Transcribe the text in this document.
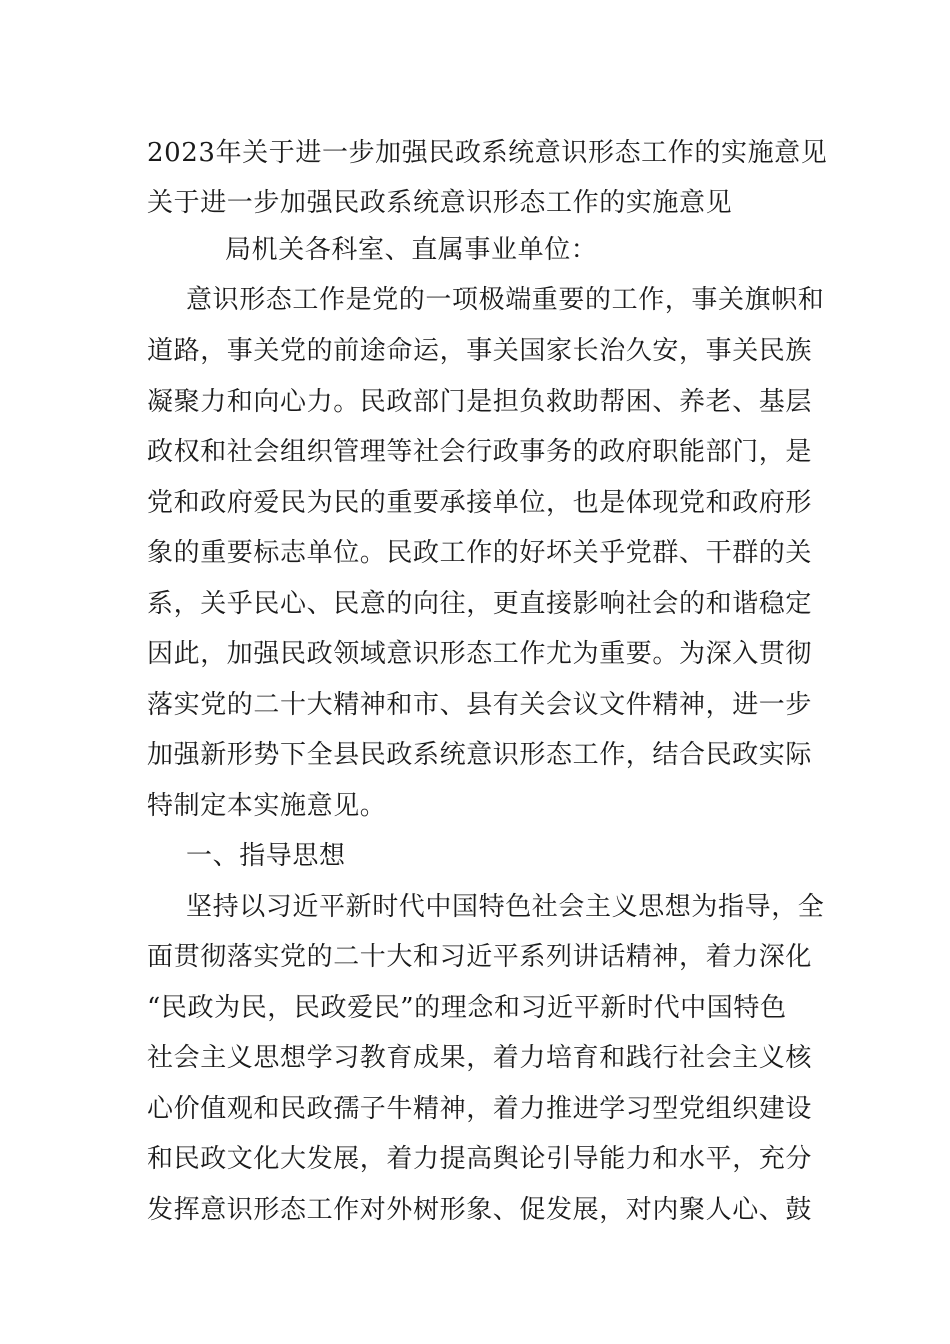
2023年关于进一步加强民政系统意识形态工作的实施意见
关于进一步加强民政系统意识形态工作的实施意见
局机关各科室、直属事业单位：
意识形态工作是党的一项极端重要的工作，事关旗帜和
道路，事关党的前途命运，事关国家长治久安，事关民族
凝聚力和向心力。民政部门是担负救助帮困、养老、基层
政权和社会组织管理等社会行政事务的政府职能部门，是
党和政府爱民为民的重要承接单位，也是体现党和政府形
象的重要标志单位。民政工作的好坏关乎党群、干群的关
系，关乎民心、民意的向往，更直接影响社会的和谐稳定
因此，加强民政领域意识形态工作尤为重要。为深入贯彻
落实党的二十大精神和市、县有关会议文件精神，进一步
加强新形势下全县民政系统意识形态工作，结合民政实际
特制定本实施意见。
一、指导思想
坚持以习近平新时代中国特色社会主义思想为指导，全
面贯彻落实党的二十大和习近平系列讲话精神，着力深化
“民政为民，民政爱民”的理念和习近平新时代中国特色
社会主义思想学习教育成果，着力培育和践行社会主义核
心价值观和民政孺子牛精神，着力推进学习型党组织建设
和民政文化大发展，着力提高舆论引导能力和水平，充分
发挥意识形态工作对外树形象、促发展，对内聚人心、鼓
